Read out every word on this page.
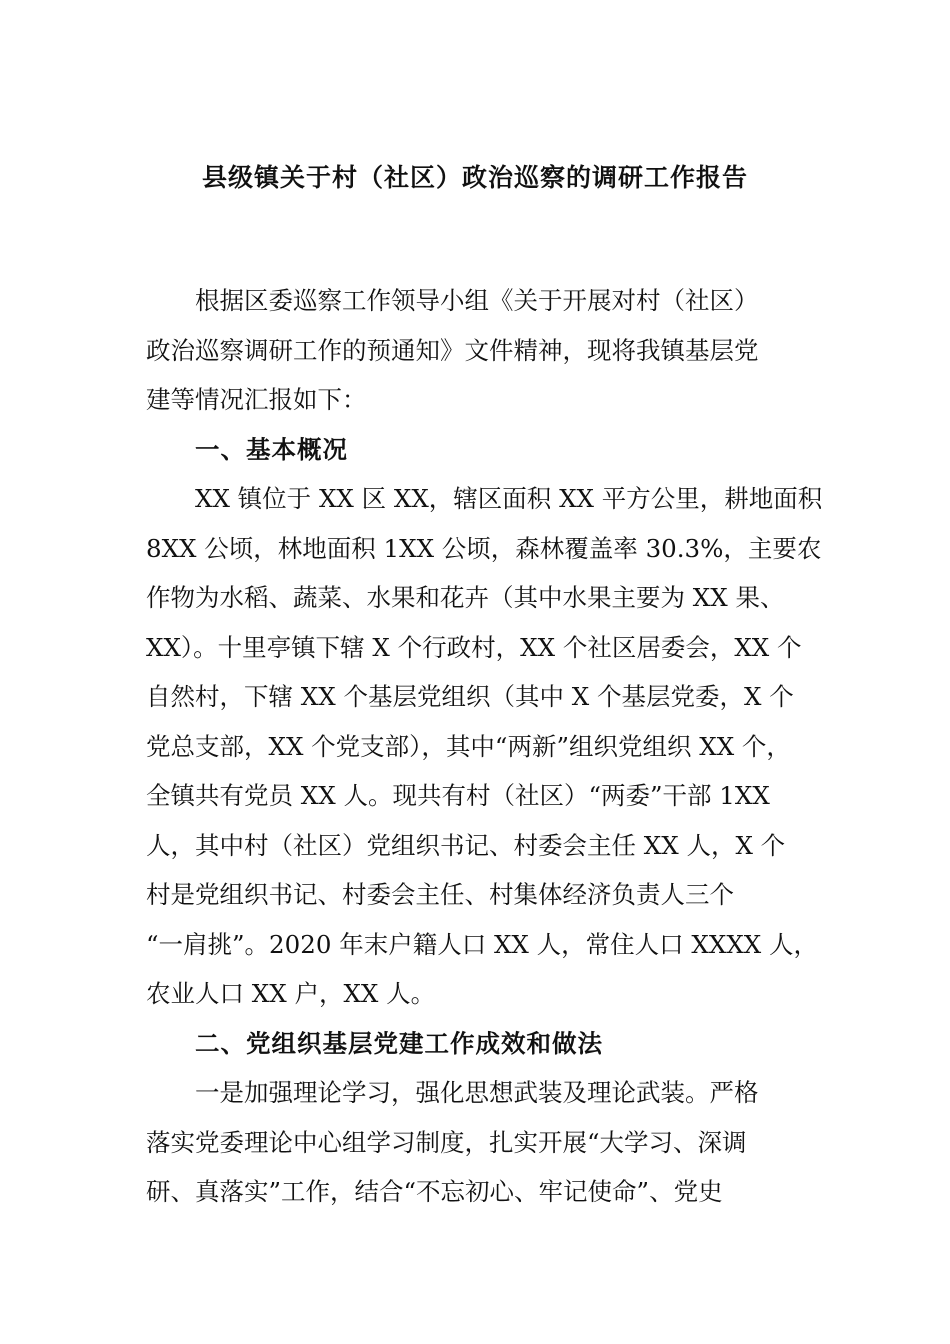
县级镇关于村（社区）政治巡察的调研工作报告
根据区委巡察工作领导小组《关于开展对村（社区）
政治巡察调研工作的预通知》文件精神，现将我镇基层党
建等情况汇报如下：
一、基本概况
XX 镇位于 XX 区 XX，辖区面积 XX 平方公里，耕地面积
8XX 公顷，林地面积 1XX 公顷，森林覆盖率 30.3%，主要农
作物为水稻、蔬菜、水果和花卉（其中水果主要为 XX 果、
XX）。十里亭镇下辖 X 个行政村，XX 个社区居委会，XX 个
自然村，下辖 XX 个基层党组织（其中 X 个基层党委，X 个
党总支部，XX 个党支部），其中“两新”组织党组织 XX 个，
全镇共有党员 XX 人。现共有村（社区）“两委”干部 1XX
人，其中村（社区）党组织书记、村委会主任 XX 人，X 个
村是党组织书记、村委会主任、村集体经济负责人三个
“一肩挑”。2020 年末户籍人口 XX 人，常住人口 XXXX 人，
农业人口 XX 户，XX 人。
二、党组织基层党建工作成效和做法
一是加强理论学习，强化思想武装及理论武装。严格
落实党委理论中心组学习制度，扎实开展“大学习、深调
研、真落实”工作，结合“不忘初心、牢记使命”、党史
